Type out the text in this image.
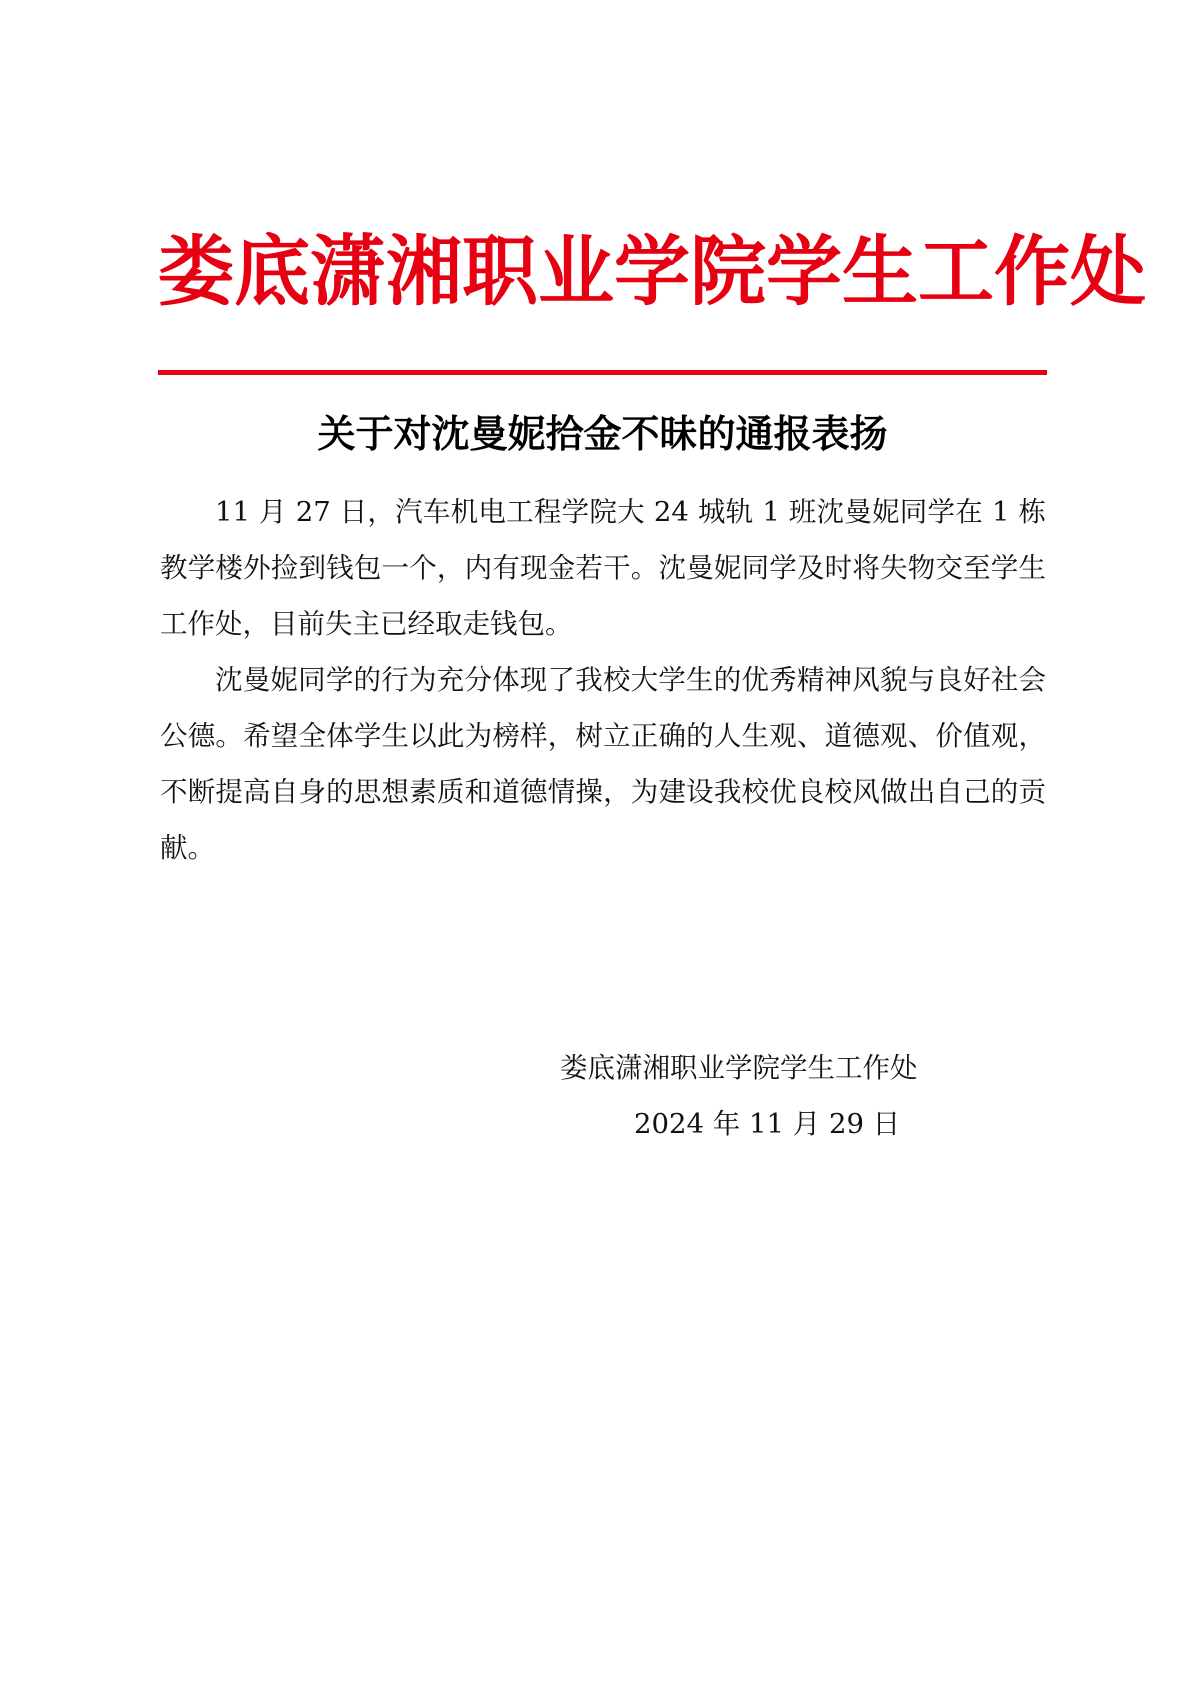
娄底潇湘职业学院学生工作处
关于对沈曼妮拾金不昧的通报表扬

11 月 27 日，汽车机电工程学院大 24 城轨 1 班沈曼妮同学在 1 栋教学楼外捡到钱包一个，内有现金若干。沈曼妮同学及时将失物交至学生工作处，目前失主已经取走钱包。

沈曼妮同学的行为充分体现了我校大学生的优秀精神风貌与良好社会公德。希望全体学生以此为榜样，树立正确的人生观、道德观、价值观，不断提高自身的思想素质和道德情操，为建设我校优良校风做出自己的贡献。

娄底潇湘职业学院学生工作处
2024 年 11 月 29 日
